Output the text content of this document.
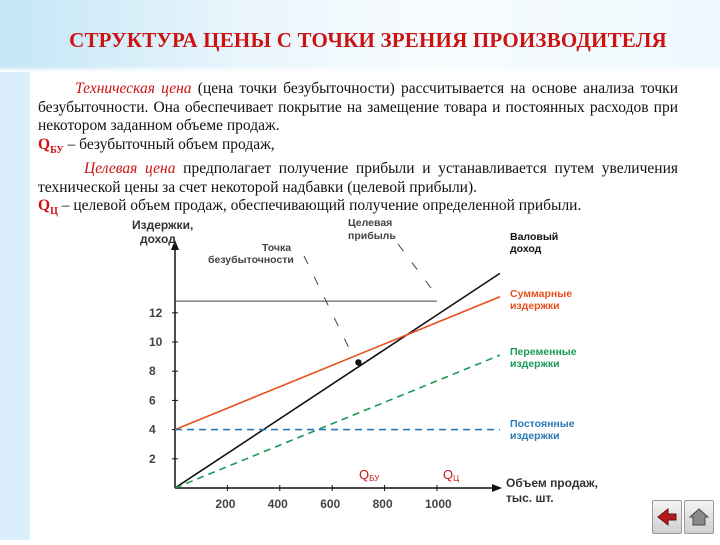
СТРУКТУРА ЦЕНЫ С ТОЧКИ ЗРЕНИЯ ПРОИЗВОДИТЕЛЯ

Техническая цена (цена точки безубыточности) рассчитывается на основе анализа точки безубыточности. Она обеспечивает покрытие на замещение товара и постоянных расходов при некотором заданном объеме продаж.

$Q_{БУ}$ – безубыточный объем продаж,

Целевая цена предполагает получение прибыли и устанавливается путем увеличения технической цены за счет некоторой надбавки (целевой прибыли).

$Q_Ц$ – целевой объем продаж, обеспечивающий получение определенной прибыли.

200	400	600	800	1000
2
4
6
8
10
12
Издержки,
доход
Объем продаж,
тыс. шт.
Валовый
доход
Суммарные
издержки
Переменные
издержки
Постоянные
издержки
Точка
безубыточности
Целевая
прибыль
QБУ	QЦ
